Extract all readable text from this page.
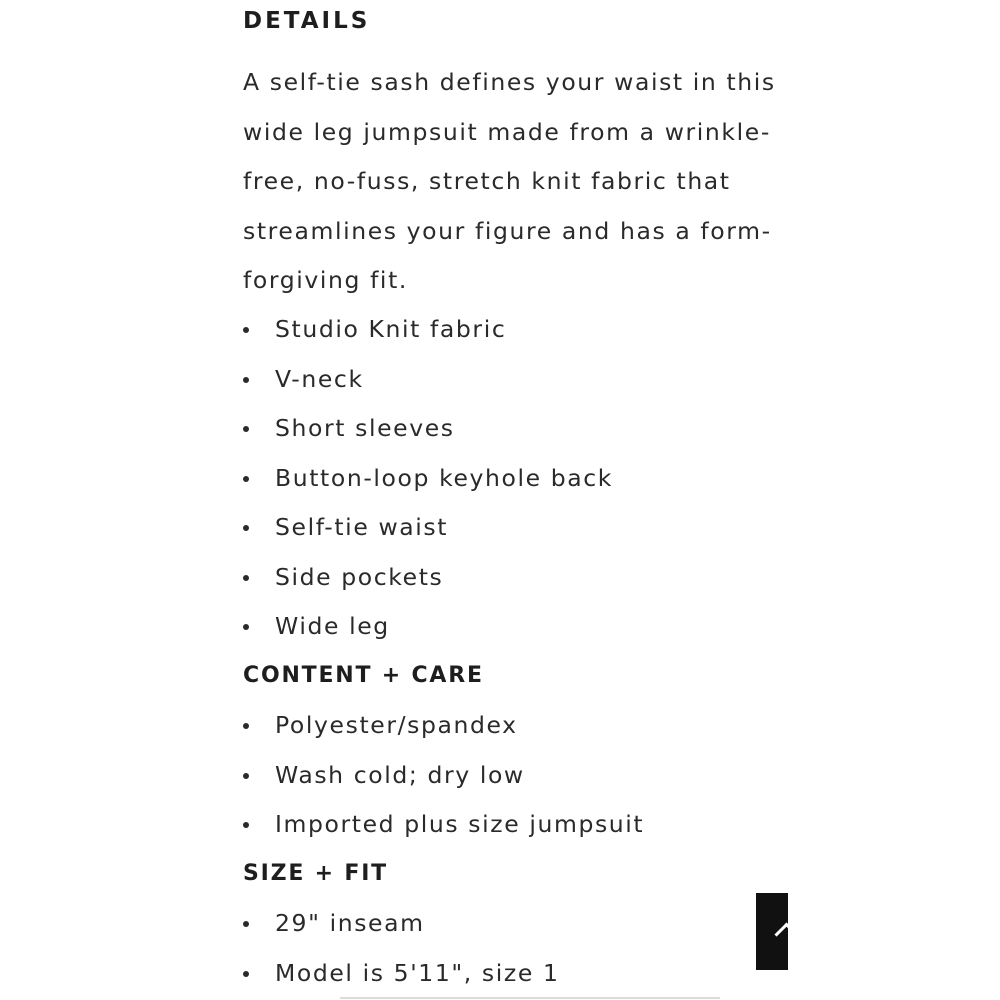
DETAILS

A self-tie sash defines your waist in this
wide leg jumpsuit made from a wrinkle-
free, no-fuss, stretch knit fabric that
streamlines your figure and has a form-
forgiving fit.

Studio Knit fabric
V-neck
Short sleeves
Button-loop keyhole back
Self-tie waist
Side pockets
Wide leg
CONTENT + CARE
Polyester/spandex
Wash cold; dry low
Imported plus size jumpsuit
SIZE + FIT
29" inseam
Model is 5'11", size 1
